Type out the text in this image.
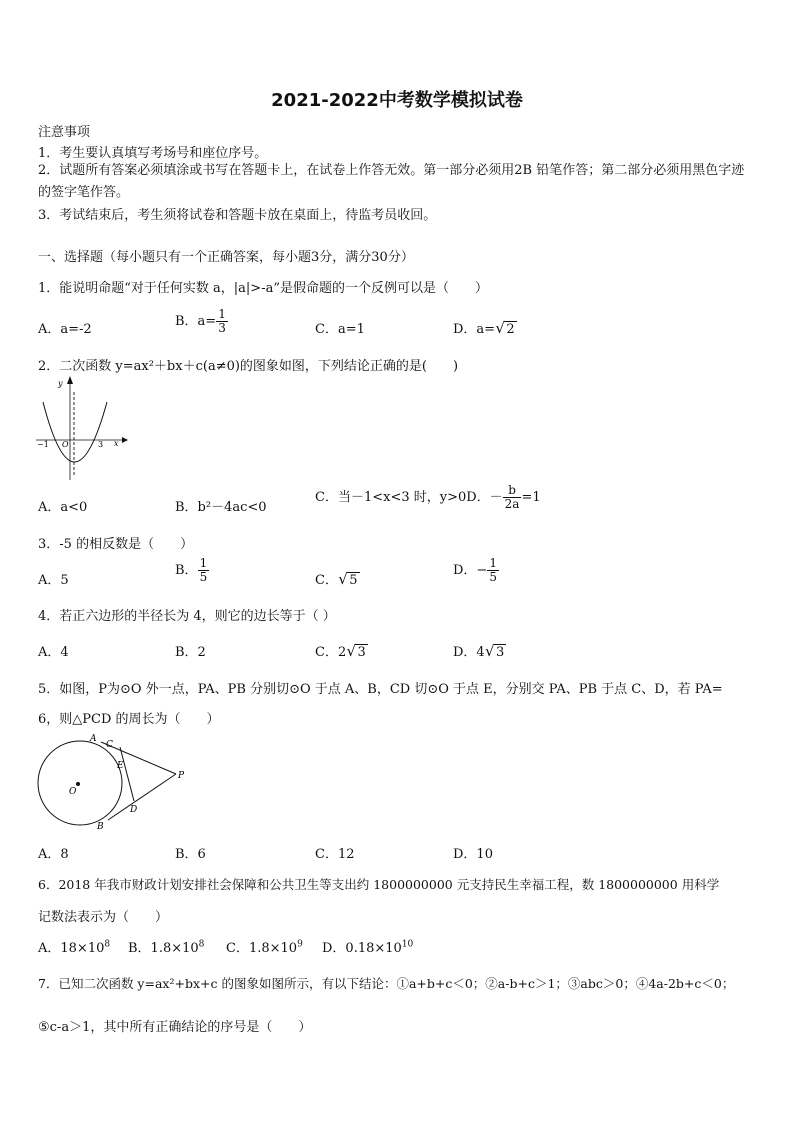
2021-2022中考数学模拟试卷
注意事项
1．考生要认真填写考场号和座位序号。
2．试题所有答案必须填涂或书写在答题卡上，在试卷上作答无效。第一部分必须用2B 铅笔作答；第二部分必须用黑色字迹的签字笔作答。
3．考试结束后，考生须将试卷和答题卡放在桌面上，待监考员收回。
一、选择题（每小题只有一个正确答案，每小题3分，满分30分）
1．能说明命题“对于任何实数 a，|a|>-a”是假命题的一个反例可以是（　　）
A．a=-2
B．$a= \frac{1}{3}$	C．a=1	D．a= √ 2
2．二次函数 y=ax²＋bx＋c(a≠0)的图象如图，下列结论正确的是(　　)
y
x
−1 O	3
A．a<0	B．b²－4ac<0
C．当－1<x<3 时，y>0D．－ $\frac{b}{2a} =1$
3．-5 的相反数是（　　）
A．5
B． $\frac{1}{5}$	C． √ 5
D．− $\frac{1}{5}$
4．若正六边形的半径长为 4，则它的边长等于（ ）
A．4	B．2	C．2 √ 3	D．4 √ 3
5．如图，P为⊙O 外一点，PA、PB 分别切⊙O 于点 A、B，CD 切⊙O 于点 E，分别交 PA、PB 于点 C、D，若 PA=
6，则△PCD 的周长为（　　）
A
C
E
P
D
B
O
A．8	B．6	C．12	D．10
6．2018 年我市财政计划安排社会保障和公共卫生等支出约 1800000000 元支持民生幸福工程，数 1800000000 用科学
记数法表示为（　　）
A．$18\times 10^8$ B．$1.8\times 10^8$ C．$1.8\times 10^9$ D．$0.18\times 10^{10}$
7．已知二次函数 y=ax²+bx+c 的图象如图所示，有以下结论：①a+b+c＜0；②a-b+c＞1；③abc＞0；④4a-2b+c＜0；
⑤c-a＞1，其中所有正确结论的序号是（　　）
